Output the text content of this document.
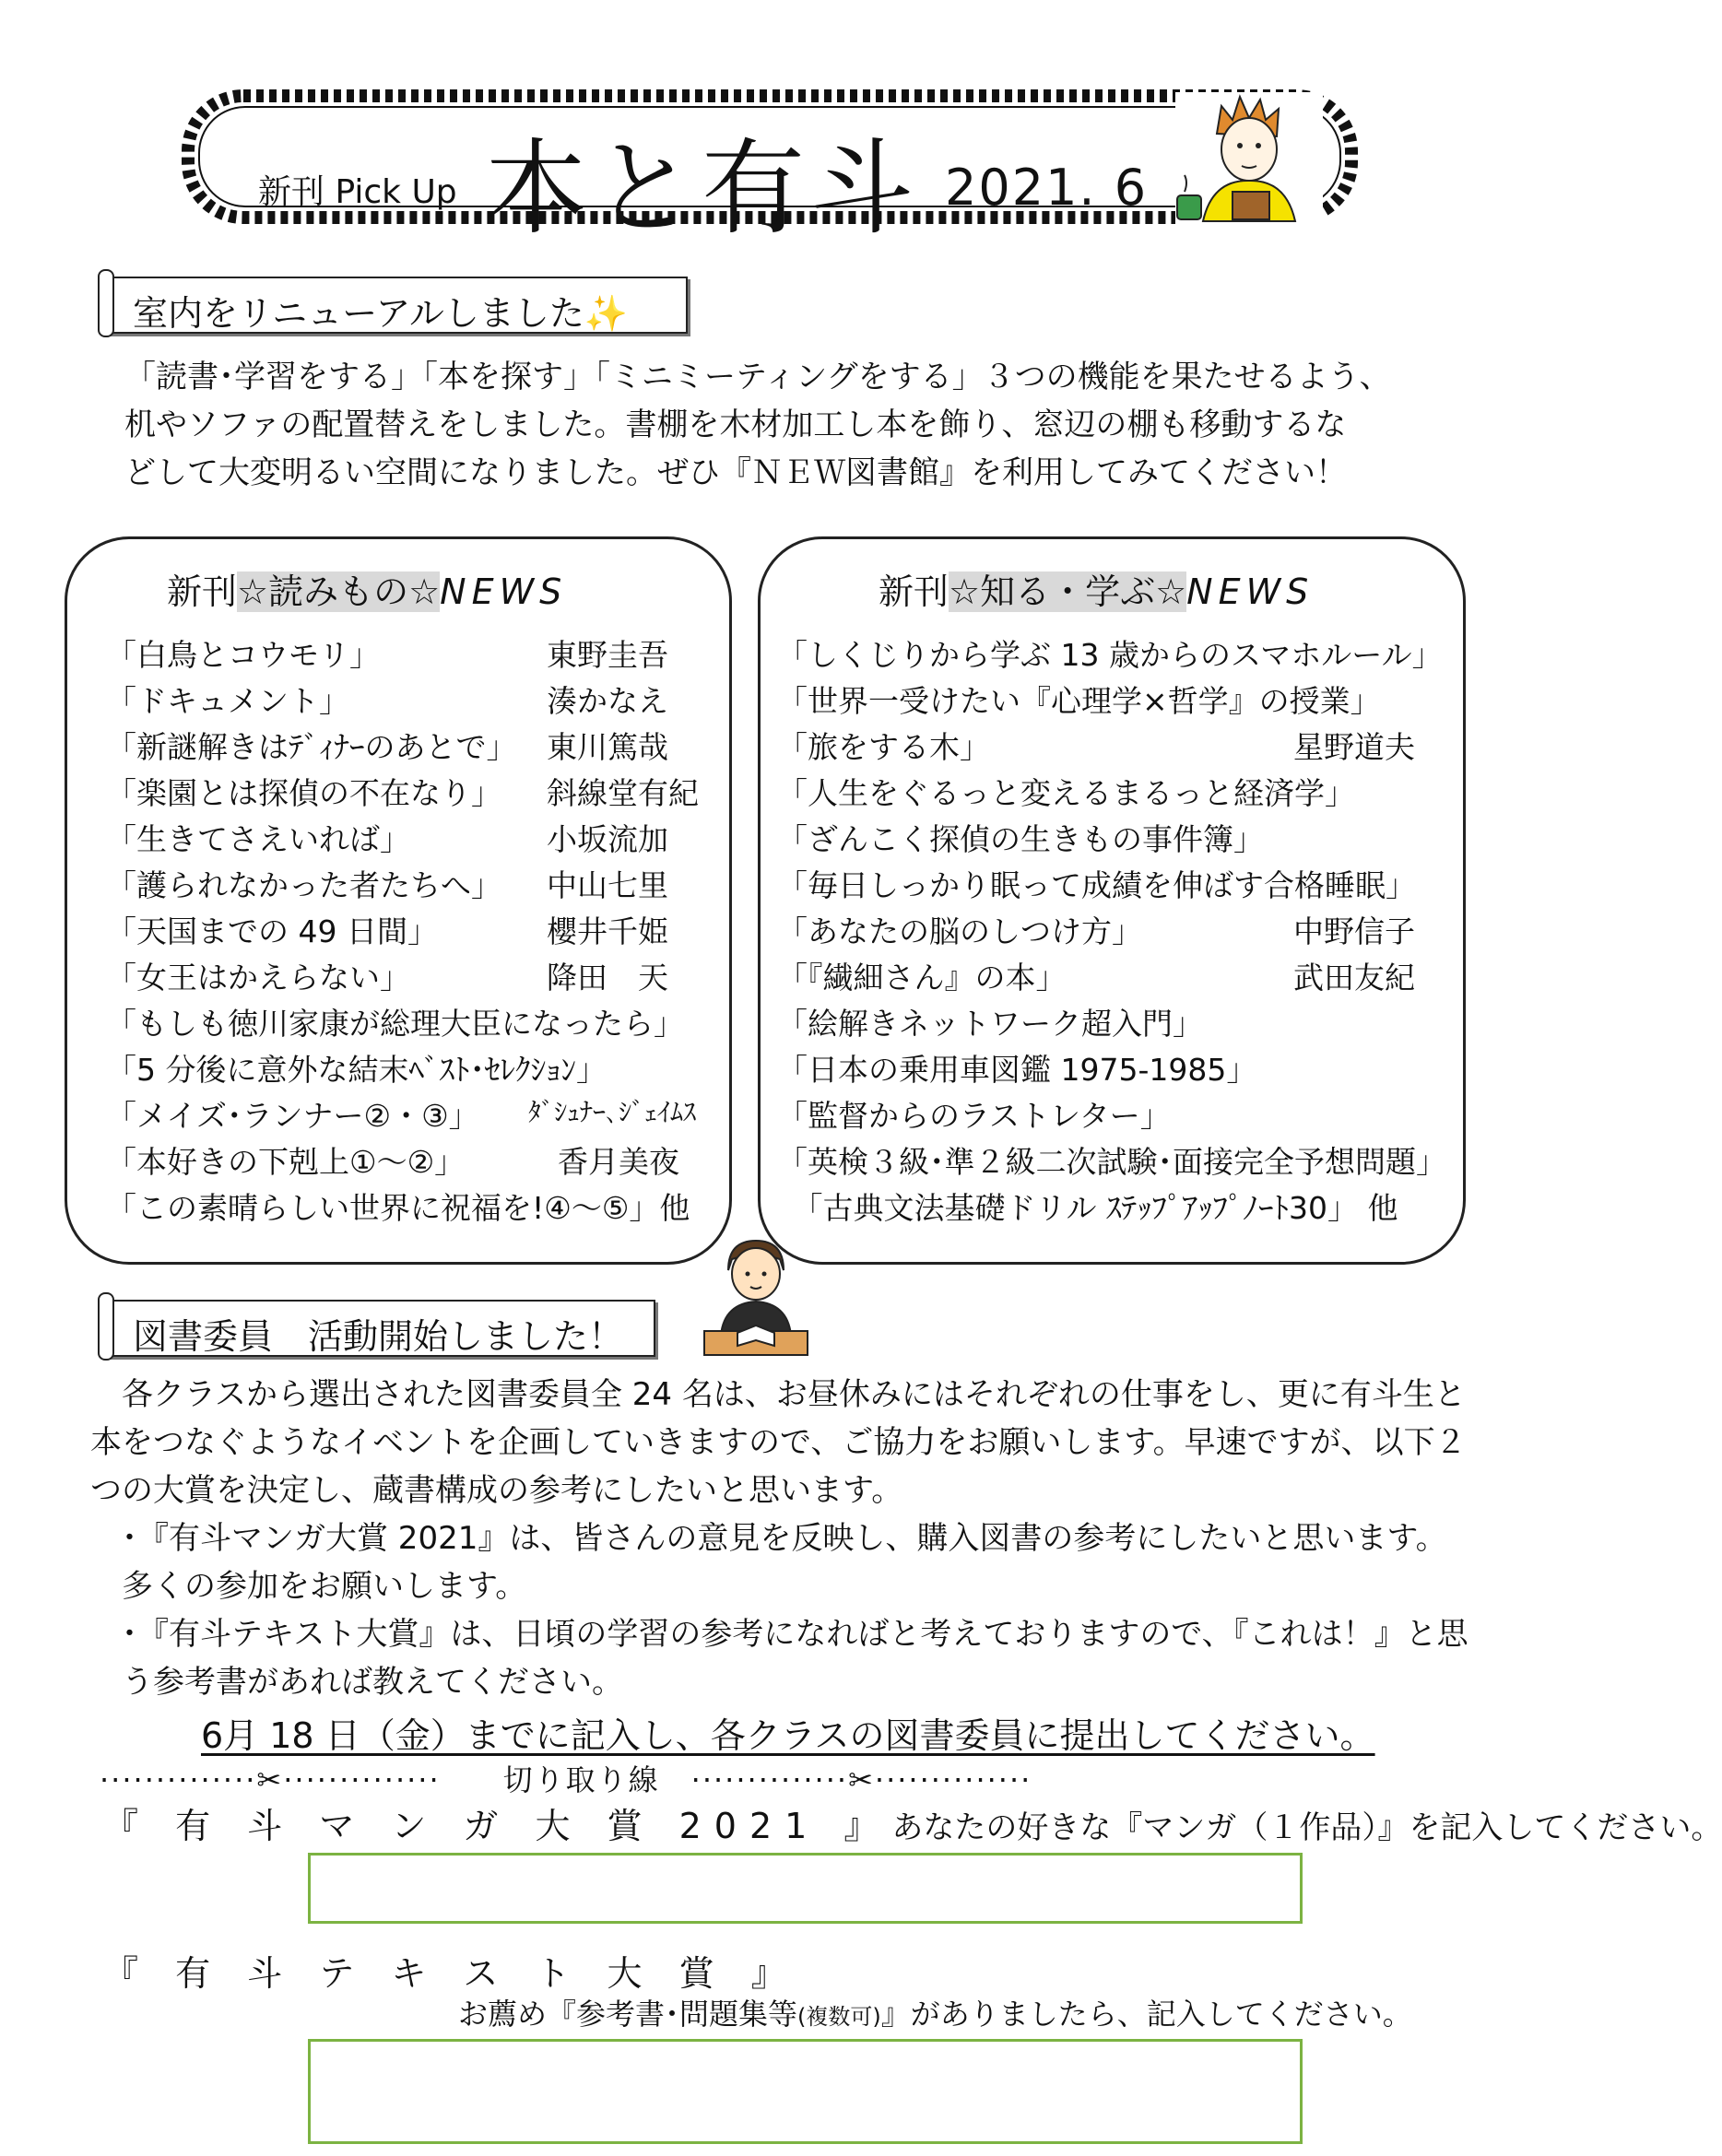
新刊 Pick Up 本と有斗 2021. 6
室内をリニューアルしました✨
「読書･学習をする」「本を探す」「ミニミーティングをする」３つの機能を果たせるよう、
机やソファの配置替えをしました。書棚を木材加工し本を飾り、窓辺の棚も移動するな
どして大変明るい空間になりました。ぜひ『ＮＥＷ図書館』を利用してみてください！
新刊☆読みもの☆NEWS
「白鳥とコウモリ」	東野圭吾
「ドキュメント」	湊かなえ
「新謎解きはﾃﾞｨﾅｰのあとで」 東川篤哉
「楽園とは探偵の不在なり」 斜線堂有紀
「生きてさえいれば」	小坂流加
「護られなかった者たちへ」 中山七里
「天国までの 49 日間」	櫻井千姫
「女王はかえらない」	降田　天
「もしも徳川家康が総理大臣になったら」
「5 分後に意外な結末ﾍﾞｽﾄ･ｾﾚｸｼｮﾝ」
「メイズ･ランナー②・③」 ﾀﾞｼｭﾅｰ､ｼﾞｪｲﾑｽ
「本好きの下剋上①～②」	香月美夜
「この素晴らしい世界に祝福を!④～⑤」他
新刊☆知る・学ぶ☆NEWS
「しくじりから学ぶ 13 歳からのスマホルール」
「世界一受けたい『心理学×哲学』の授業」
「旅をする木」	星野道夫
「人生をぐるっと変えるまるっと経済学」
「ざんこく探偵の生きもの事件簿」
「毎日しっかり眠って成績を伸ばす合格睡眠」
「あなたの脳のしつけ方」	中野信子
「『繊細さん』の本」	武田友紀
「絵解きネットワーク超入門」
「日本の乗用車図鑑 1975-1985」
「監督からのラストレター」
「英検３級･準２級二次試験･面接完全予想問題」
　「古典文法基礎ドリル ｽﾃｯﾌﾟｱｯﾌﾟﾉｰﾄ30」 他
図書委員　活動開始しました！
　各クラスから選出された図書委員全 24 名は、お昼休みにはそれぞれの仕事をし、更に有斗生と
本をつなぐようなイベントを企画していきますので、ご協力をお願いします。早速ですが、以下２
つの大賞を決定し、蔵書構成の参考にしたいと思います。
　･『有斗マンガ大賞 2021』は、皆さんの意見を反映し、購入図書の参考にしたいと思います。
　多くの参加をお願いします。
　･『有斗テキスト大賞』は、日頃の学習の参考になればと考えておりますので、『これは！』と思
　う参考書があれば教えてください。
6月 18 日（金）までに記入し、各クラスの図書委員に提出してください。
··············✂··············　　切り取り線　··············✂··············
『 有 斗 マ ン ガ 大 賞 2021 』あなたの好きな『マンガ（１作品）』を記入してください。
『 有 斗 テ キ ス ト 大 賞 』
お薦め『参考書･問題集等(複数可)』がありましたら、記入してください。
